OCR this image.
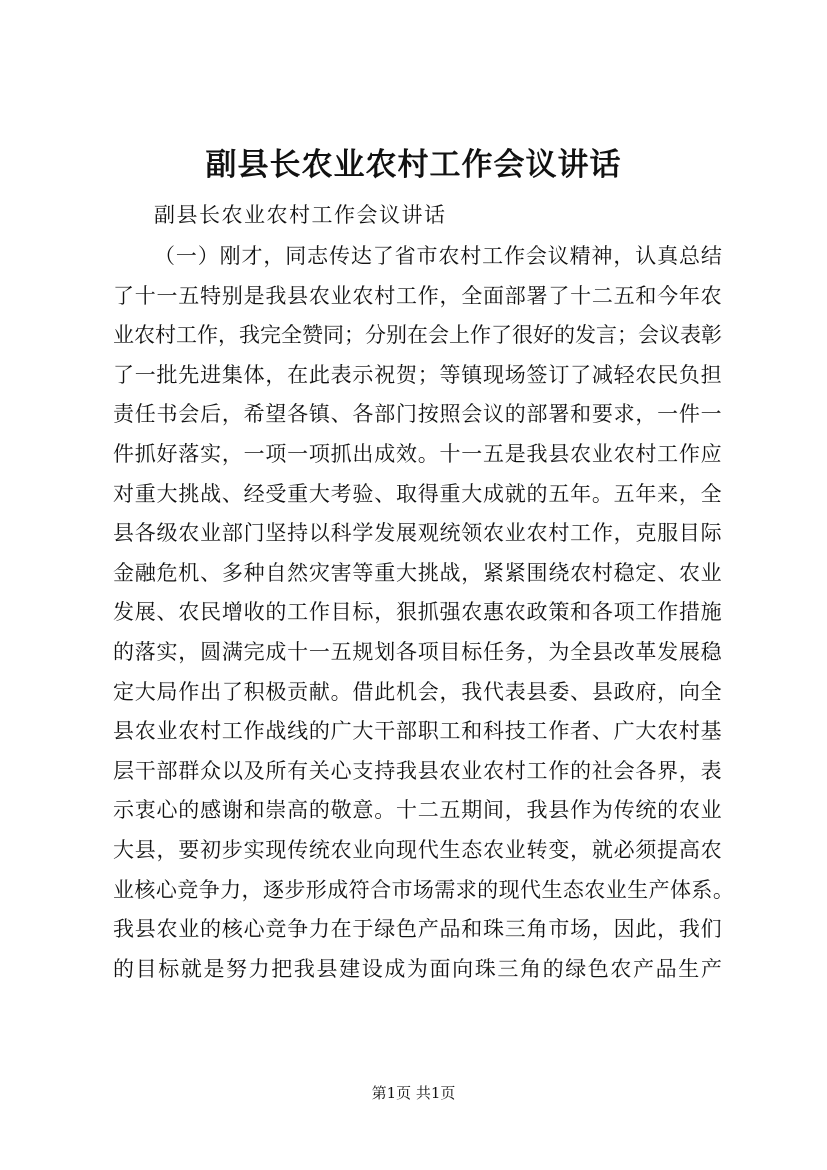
副县长农业农村工作会议讲话

副县长农业农村工作会议讲话

（ 一 ） 刚 才 ， 同 志 传 达 了 省 市 农 村 工 作 会 议 精 神 ， 认 真 总 结
了 十 一 五 特 别 是 我 县 农 业 农 村 工 作 ， 全 面 部 署 了 十 二 五 和 今 年 农
业 农 村 工 作 ， 我 完 全 赞 同 ； 分 别 在 会 上 作 了 很 好 的 发 言 ； 会 议 表 彰
了 一 批 先 进 集 体 ， 在 此 表 示 祝 贺 ； 等 镇 现 场 签 订 了 减 轻 农 民 负 担
责 任 书 会 后 ， 希 望 各 镇 、 各 部 门 按 照 会 议 的 部 署 和 要 求 ， 一 件 一
件 抓 好 落 实 ， 一 项 一 项 抓 出 成 效 。 十 一 五 是 我 县 农 业 农 村 工 作 应
对 重 大 挑 战 、 经 受 重 大 考 验 、 取 得 重 大 成 就 的 五 年 。 五 年 来 ， 全
县 各 级 农 业 部 门 坚 持 以 科 学 发 展 观 统 领 农 业 农 村 工 作 ， 克 服 目 际
金 融 危 机 、 多 种 自 然 灾 害 等 重 大 挑 战 ， 紧 紧 围 绕 农 村 稳 定 、 农 业
发 展 、 农 民 增 收 的 工 作 目 标 ， 狠 抓 强 农 惠 农 政 策 和 各 项 工 作 措 施
的 落 实 ， 圆 满 完 成 十 一 五 规 划 各 项 目 标 任 务 ， 为 全 县 改 革 发 展 稳
定 大 局 作 出 了 积 极 贡 献 。 借 此 机 会 ， 我 代 表 县 委 、 县 政 府 ， 向 全
县 农 业 农 村 工 作 战 线 的 广 大 干 部 职 工 和 科 技 工 作 者 、 广 大 农 村 基
层 干 部 群 众 以 及 所 有 关 心 支 持 我 县 农 业 农 村 工 作 的 社 会 各 界 ， 表
示 衷 心 的 感 谢 和 崇 高 的 敬 意 。 十 二 五 期 间 ， 我 县 作 为 传 统 的 农 业
大 县 ， 要 初 步 实 现 传 统 农 业 向 现 代 生 态 农 业 转 变 ， 就 必 须 提 高 农
业 核 心 竞 争 力 ， 逐 步 形 成 符 合 市 场 需 求 的 现 代 生 态 农 业 生 产 体 系 。
我 县 农 业 的 核 心 竞 争 力 在 于 绿 色 产 品 和 珠 三 角 市 场 ， 因 此 ， 我 们
的 目 标 就 是 努 力 把 我 县 建 设 成 为 面 向 珠 三 角 的 绿 色 农 产 品 生 产
第1页 共1页
